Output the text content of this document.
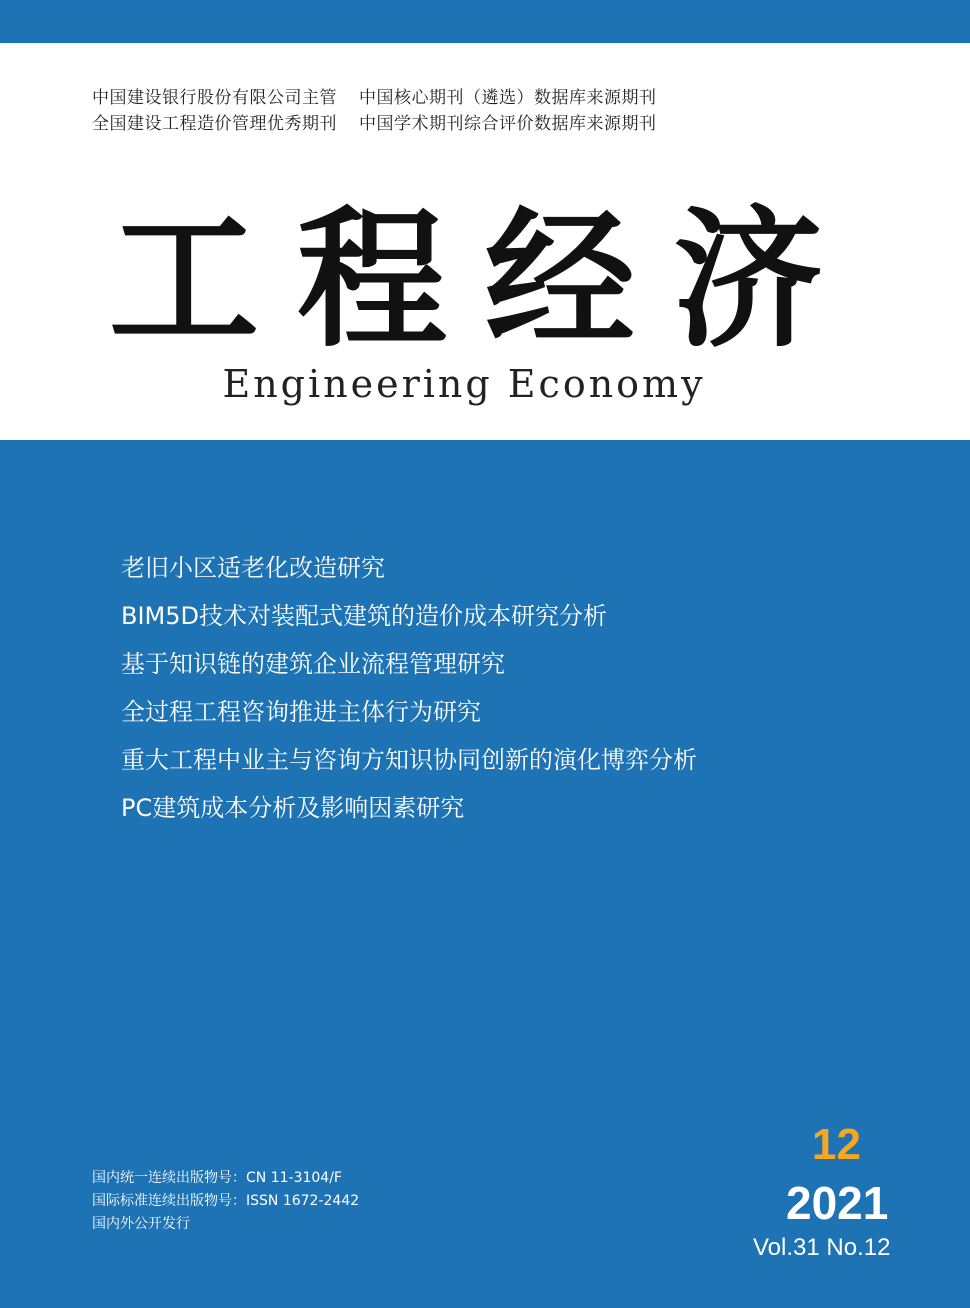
中国建设银行股份有限公司主管 中国核心期刊（遴选）数据库来源期刊
全国建设工程造价管理优秀期刊 中国学术期刊综合评价数据库来源期刊
工程经济
Engineering Economy
老旧小区适老化改造研究
BIM5D技术对装配式建筑的造价成本研究分析
基于知识链的建筑企业流程管理研究
全过程工程咨询推进主体行为研究
重大工程中业主与咨询方知识协同创新的演化博弈分析
PC建筑成本分析及影响因素研究
国内统一连续出版物号：CN 11-3104/F
国际标准连续出版物号：ISSN 1672-2442
国内外公开发行
12
2021
Vol.31 No.12
